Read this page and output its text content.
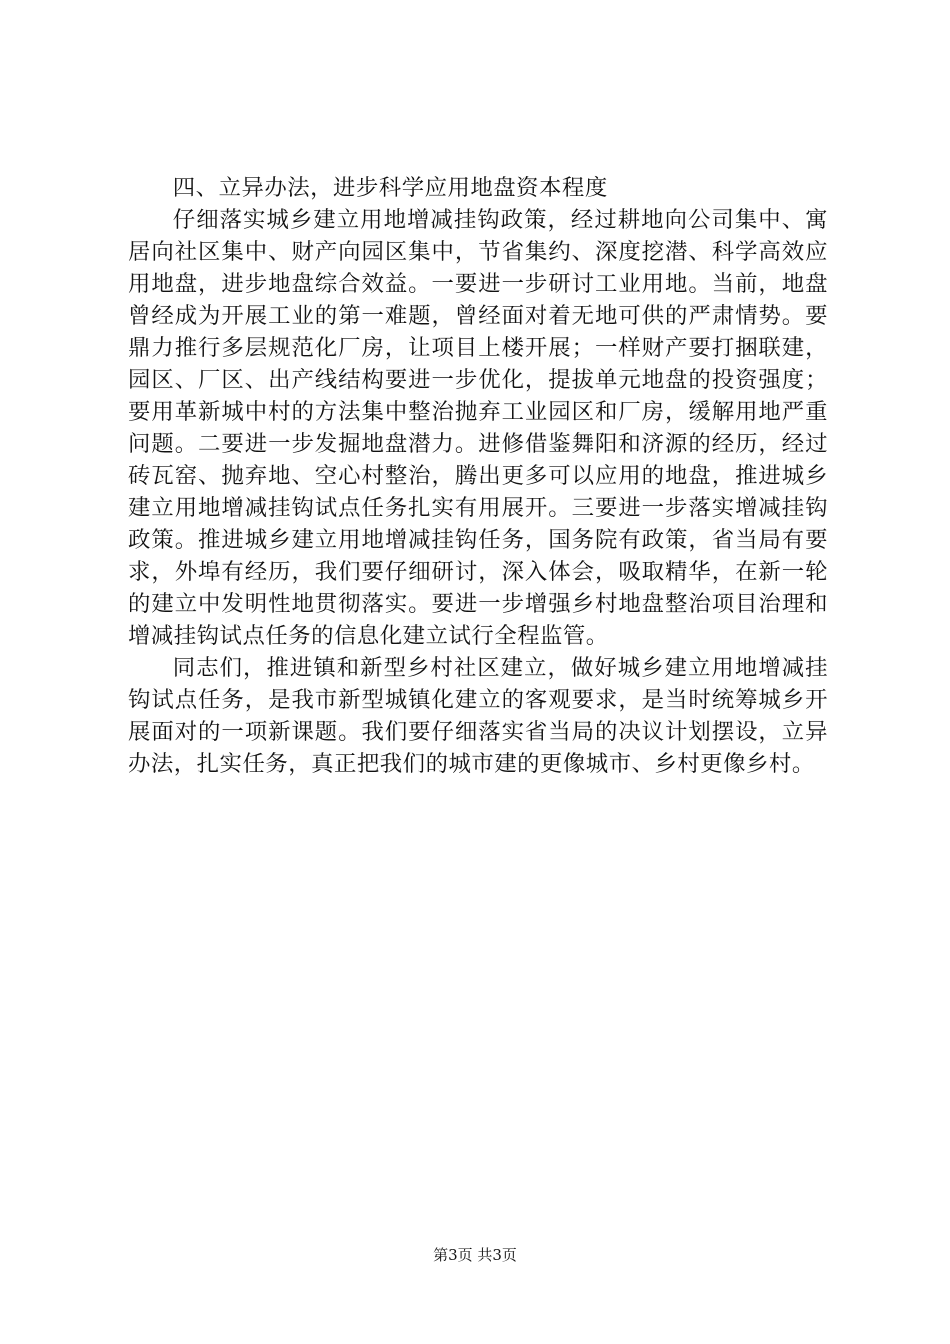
四、立异办法，进步科学应用地盘资本程度

仔细落实城乡建立用地增减挂钩政策，经过耕地向公司集中、寓居向社区集中、财产向园区集中，节省集约、深度挖潜、科学高效应用地盘，进步地盘综合效益。一要进一步研讨工业用地。当前，地盘曾经成为开展工业的第一难题，曾经面对着无地可供的严肃情势。要鼎力推行多层规范化厂房，让项目上楼开展；一样财产要打捆联建，园区、厂区、出产线结构要进一步优化，提拔单元地盘的投资强度；要用革新城中村的方法集中整治抛弃工业园区和厂房，缓解用地严重问题。二要进一步发掘地盘潜力。进修借鉴舞阳和济源的经历，经过砖瓦窑、抛弃地、空心村整治，腾出更多可以应用的地盘，推进城乡建立用地增减挂钩试点任务扎实有用展开。三要进一步落实增减挂钩政策。推进城乡建立用地增减挂钩任务，国务院有政策，省当局有要求，外埠有经历，我们要仔细研讨，深入体会，吸取精华，在新一轮的建立中发明性地贯彻落实。要进一步增强乡村地盘整治项目治理和增减挂钩试点任务的信息化建立试行全程监管。

同志们，推进镇和新型乡村社区建立，做好城乡建立用地增减挂钩试点任务，是我市新型城镇化建立的客观要求，是当时统筹城乡开展面对的一项新课题。我们要仔细落实省当局的决议计划摆设，立异办法，扎实任务，真正把我们的城市建的更像城市、乡村更像乡村。

第3页 共3页
